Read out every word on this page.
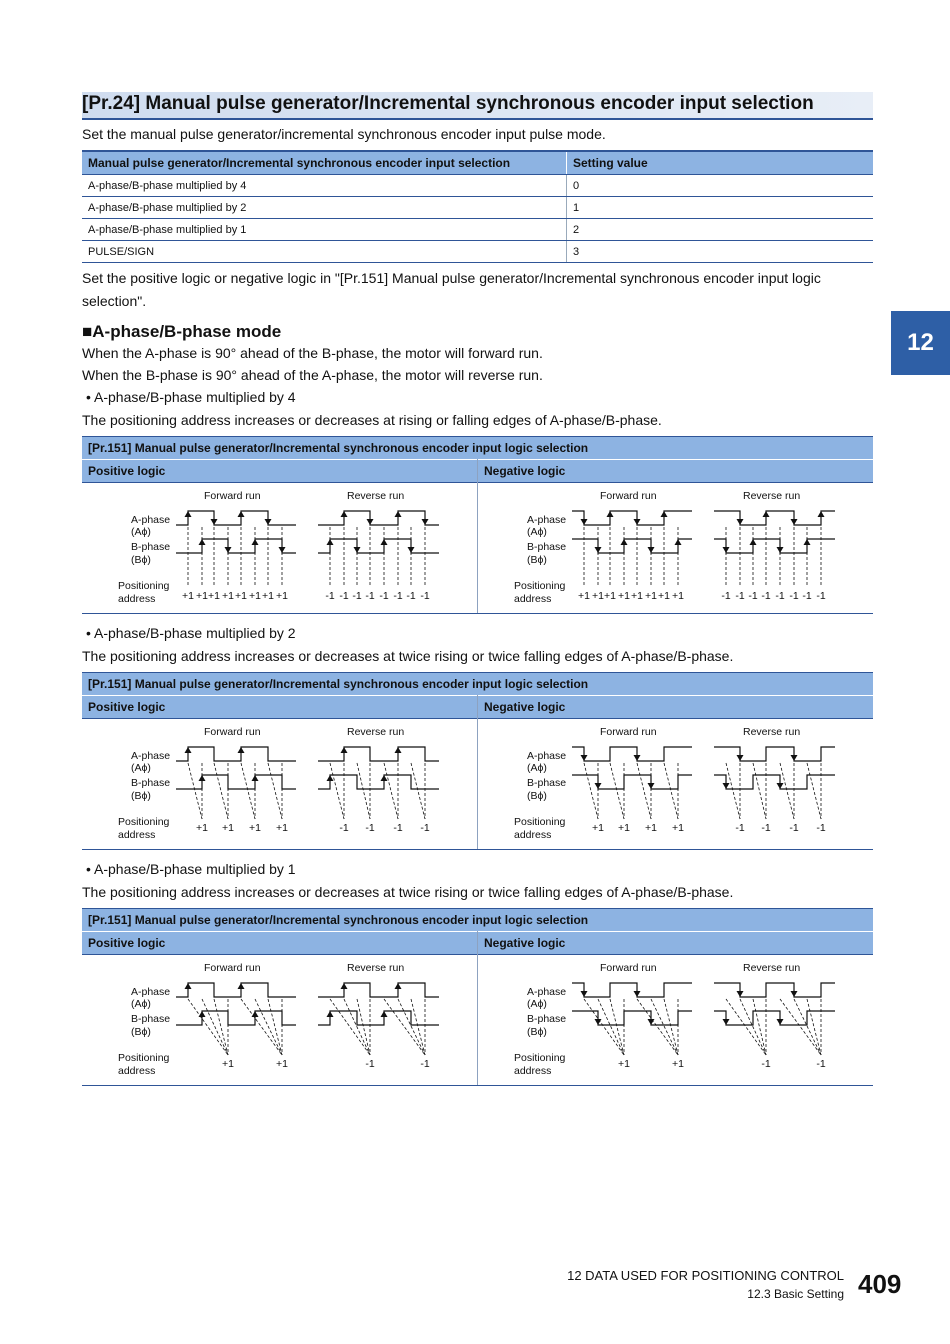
[Pr.24] Manual pulse generator/Incremental synchronous encoder input selection
Set the manual pulse generator/incremental synchronous encoder input pulse mode.
Manual pulse generator/Incremental synchronous encoder input selection	Setting value
A-phase/B-phase multiplied by 4	0
A-phase/B-phase multiplied by 2	1
A-phase/B-phase multiplied by 1	2
PULSE/SIGN	3
Set the positive logic or negative logic in "[Pr.151] Manual pulse generator/Incremental synchronous encoder input logic
selection".
12
■A-phase/B-phase mode
When the A-phase is 90° ahead of the B-phase, the motor will forward run.
When the B-phase is 90° ahead of the A-phase, the motor will reverse run.
• A-phase/B-phase multiplied by 4
The positioning address increases or decreases at rising or falling edges of A-phase/B-phase.
[Pr.151] Manual pulse generator/Incremental synchronous encoder input logic selection
Positive logic	Negative logic
Forward run	Reverse run
A-phase
(Aϕ)
B-phase
(Bϕ)
Positioning
address	+1 +1 +1 +1 +1 +1 +1 +1	-1 -1 -1 -1 -1 -1 -1 -1
Forward run	Reverse run
A-phase
(Aϕ)
B-phase
(Bϕ)
Positioning
address	+1 +1 +1 +1 +1 +1 +1 +1	-1 -1 -1 -1 -1 -1 -1 -1
• A-phase/B-phase multiplied by 2
The positioning address increases or decreases at twice rising or twice falling edges of A-phase/B-phase.
[Pr.151] Manual pulse generator/Incremental synchronous encoder input logic selection
Positive logic	Negative logic
Forward run	Reverse run
A-phase
(Aϕ)
B-phase
(Bϕ)
Positioning
address
+1 +1 +1 +1	-1 -1 -1 -1
Forward run	Reverse run
A-phase
(Aϕ)
B-phase
(Bϕ)
Positioning
address
+1 +1 +1 +1	-1 -1 -1 -1
• A-phase/B-phase multiplied by 1
The positioning address increases or decreases at twice rising or twice falling edges of A-phase/B-phase.
[Pr.151] Manual pulse generator/Incremental synchronous encoder input logic selection
Positive logic	Negative logic
Forward run	Reverse run
A-phase
(Aϕ)
B-phase
(Bϕ)
Positioning
address
+1	+1	-1	-1
Forward run	Reverse run
A-phase
(Aϕ)
B-phase
(Bϕ)
Positioning
address
+1	+1	-1	-1
12 DATA USED FOR POSITIONING CONTROL
12.3 Basic Setting 409
